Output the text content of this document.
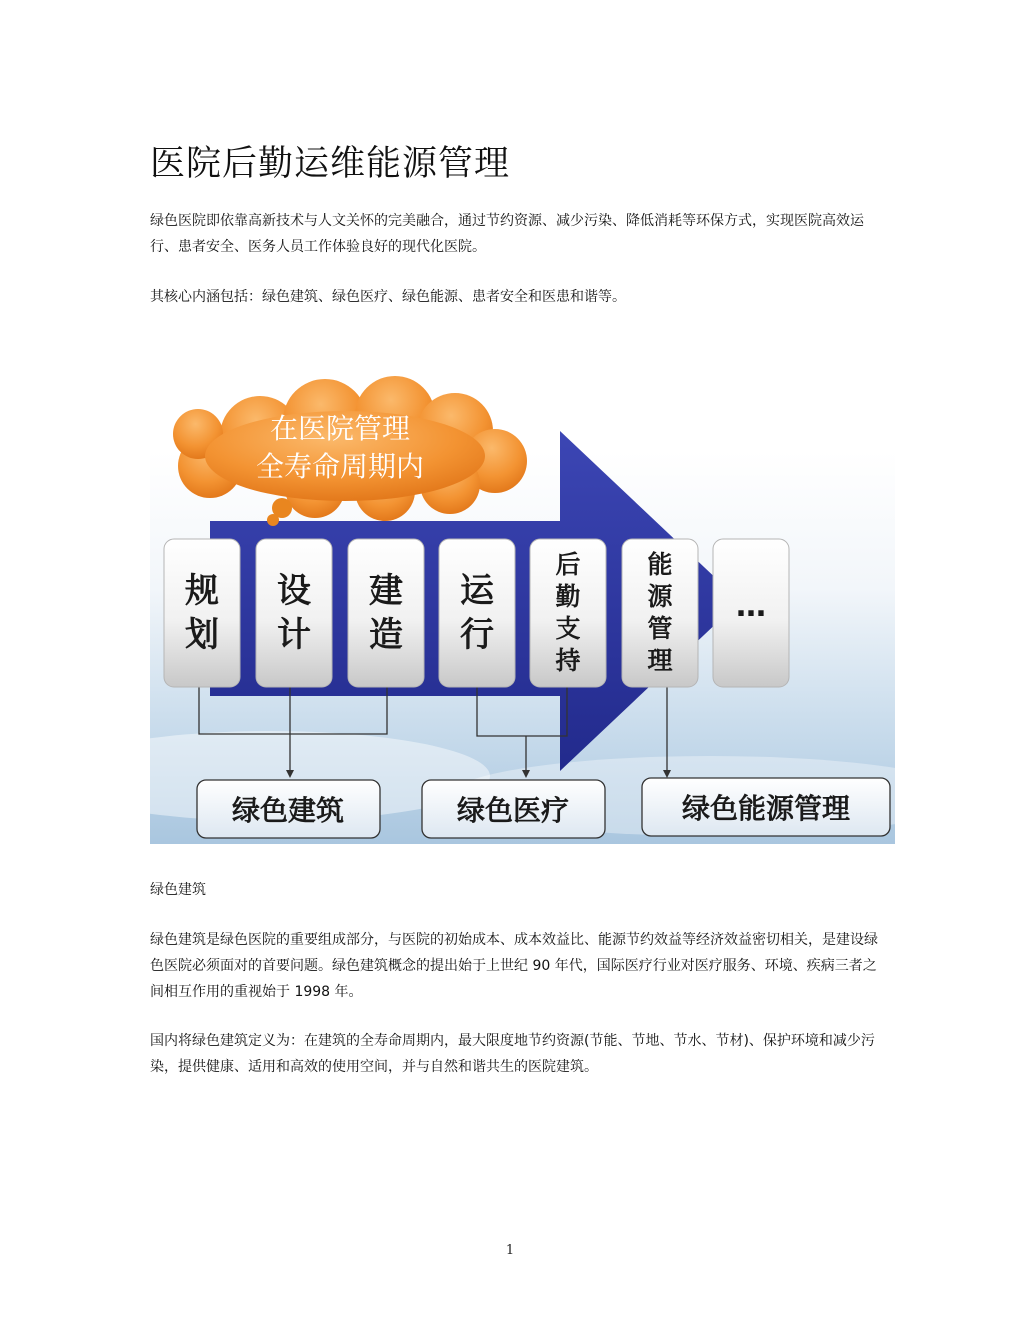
医院后勤运维能源管理

绿色医院即依靠高新技术与人文关怀的完美融合，通过节约资源、减少污染、降低消耗等环保方式，实现医院高效运行、患者安全、医务人员工作体验良好的现代化医院。

其核心内涵包括：绿色建筑、绿色医疗、绿色能源、患者安全和医患和谐等。

规
划
设
计
建
造
运
行
后
勤
支
持
能
源
管
理
…
在医院管理
全寿命周期内
绿色建筑	绿色医疗	绿色能源管理

绿色建筑

绿色建筑是绿色医院的重要组成部分，与医院的初始成本、成本效益比、能源节约效益等经济效益密切相关，是建设绿色医院必须面对的首要问题。绿色建筑概念的提出始于上世纪 90 年代，国际医疗行业对医疗服务、环境、疾病三者之间相互作用的重视始于 1998 年。

国内将绿色建筑定义为：在建筑的全寿命周期内，最大限度地节约资源(节能、节地、节水、节材)、保护环境和减少污染，提供健康、适用和高效的使用空间，并与自然和谐共生的医院建筑。

1
